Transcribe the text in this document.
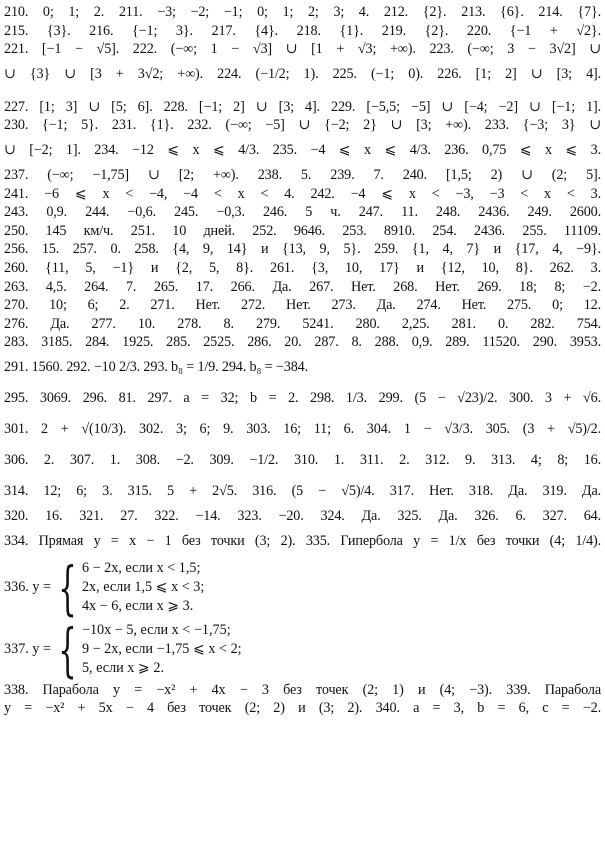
210. 0; 1; 2. 211. −3; −2; −1; 0; 1; 2; 3; 4. 212. {2}. 213. {6}. 214. {7}.
215. {3}. 216. {−1; 3}. 217. {4}. 218. {1}. 219. {2}. 220. {−1 + √2}.
221. [−1 − √5]. 222. (−∞; 1 − √3] ∪ [1 + √3; +∞). 223. (−∞; 3 − 3√2] ∪
∪ {3} ∪ [3 + 3√2; +∞). 224. (−1/2; 1). 225. (−1; 0). 226. [1; 2] ∪ [3; 4].
227. [1; 3] ∪ [5; 6]. 228. [−1; 2] ∪ [3; 4]. 229. [−5,5; −5] ∪ [−4; −2] ∪ [−1; 1].
230. {−1; 5}. 231. {1}. 232. (−∞; −5] ∪ {−2; 2} ∪ [3; +∞). 233. {−3; 3} ∪
∪ [−2; 1]. 234. −12 ⩽ x ⩽ 4/3. 235. −4 ⩽ x ⩽ 4/3. 236. 0,75 ⩽ x ⩽ 3.
237. (−∞; −1,75] ∪ [2; +∞). 238. 5. 239. 7. 240. [1,5; 2) ∪ (2; 5].
241. −6 ⩽ x < −4, −4 < x < 4. 242. −4 ⩽ x < −3, −3 < x < 3.
243. 0,9. 244. −0,6. 245. −0,3. 246. 5 ч. 247. 11. 248. 2436. 249. 2600.
250. 145 км/ч. 251. 10 дней. 252. 9646. 253. 8910. 254. 2436. 255. 11109.
256. 15. 257. 0. 258. {4, 9, 14} и {13, 9, 5}. 259. {1, 4, 7} и {17, 4, −9}.
260. {11, 5, −1} и {2, 5, 8}. 261. {3, 10, 17} и {12, 10, 8}. 262. 3.
263. 4,5. 264. 7. 265. 17. 266. Да. 267. Нет. 268. Нет. 269. 18; 8; −2.
270. 10; 6; 2. 271. Нет. 272. Нет. 273. Да. 274. Нет. 275. 0; 12.
276. Да. 277. 10. 278. 8. 279. 5241. 280. 2,25. 281. 0. 282. 754.
283. 3185. 284. 1925. 285. 2525. 286. 20. 287. 8. 288. 0,9. 289. 11520. 290. 3953.
291. 1560. 292. −10 2/3. 293. b₈ = 1/9. 294. b₈ = −384.
295. 3069. 296. 81. 297. a = 32; b = 2. 298. 1/3. 299. (5 − √23)/2. 300. 3 + √6.
301. 2 + √(10/3). 302. 3; 6; 9. 303. 16; 11; 6. 304. 1 − √3/3. 305. (3 + √5)/2.
306. 2. 307. 1. 308. −2. 309. −1/2. 310. 1. 311. 2. 312. 9. 313. 4; 8; 16.
314. 12; 6; 3. 315. 5 + 2√5. 316. (5 − √5)/4. 317. Нет. 318. Да. 319. Да.
320. 16. 321. 27. 322. −14. 323. −20. 324. Да. 325. Да. 326. 6. 327. 64.
334. Прямая y = x − 1 без точки (3; 2). 335. Гипербола y = 1/x без точки (4; 1/4).
336. y = { 6 − 2x, если x < 1,5;
2x, если 1,5 ⩽ x < 3;
4x − 6, если x ⩾ 3.
337. y = { −10x − 5, если x < −1,75;
9 − 2x, если −1,75 ⩽ x < 2;
5, если x ⩾ 2.
338. Парабола y = −x² + 4x − 3 без точек (2; 1) и (4; −3). 339. Парабола
y = −x² + 5x − 4 без точек (2; 2) и (3; 2). 340. a = 3, b = 6, c = −2.
